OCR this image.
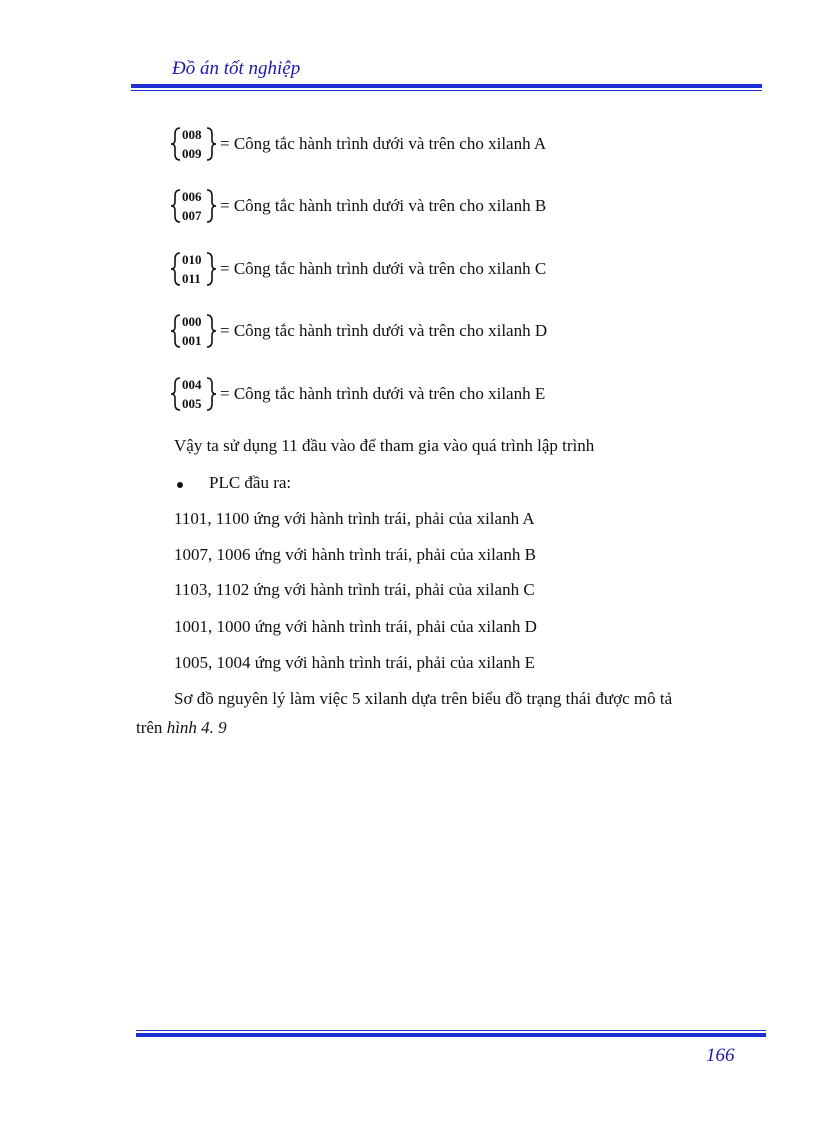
Đồ án tốt nghiệp
008
009
= Công tắc hành trình dưới và trên cho xilanh A
006
007
= Công tắc hành trình dưới và trên cho xilanh B
010
011
= Công tắc hành trình dưới và trên cho xilanh C
000
001
= Công tắc hành trình dưới và trên cho xilanh D
004
005
= Công tắc hành trình dưới và trên cho xilanh E
Vậy ta sử dụng 11 đầu vào để tham gia vào quá trình lập trình
PLC đầu ra:
1101, 1100 ứng với hành trình trái, phải của xilanh A
1007, 1006 ứng với hành trình trái, phải của xilanh B
1103, 1102 ứng với hành trình trái, phải của xilanh C
1001, 1000 ứng với hành trình trái, phải của xilanh D
1005, 1004 ứng với hành trình trái, phải của xilanh E
Sơ đồ nguyên lý làm việc 5 xilanh dựa trên biểu đồ trạng thái được mô tả
trên hình 4. 9
166
